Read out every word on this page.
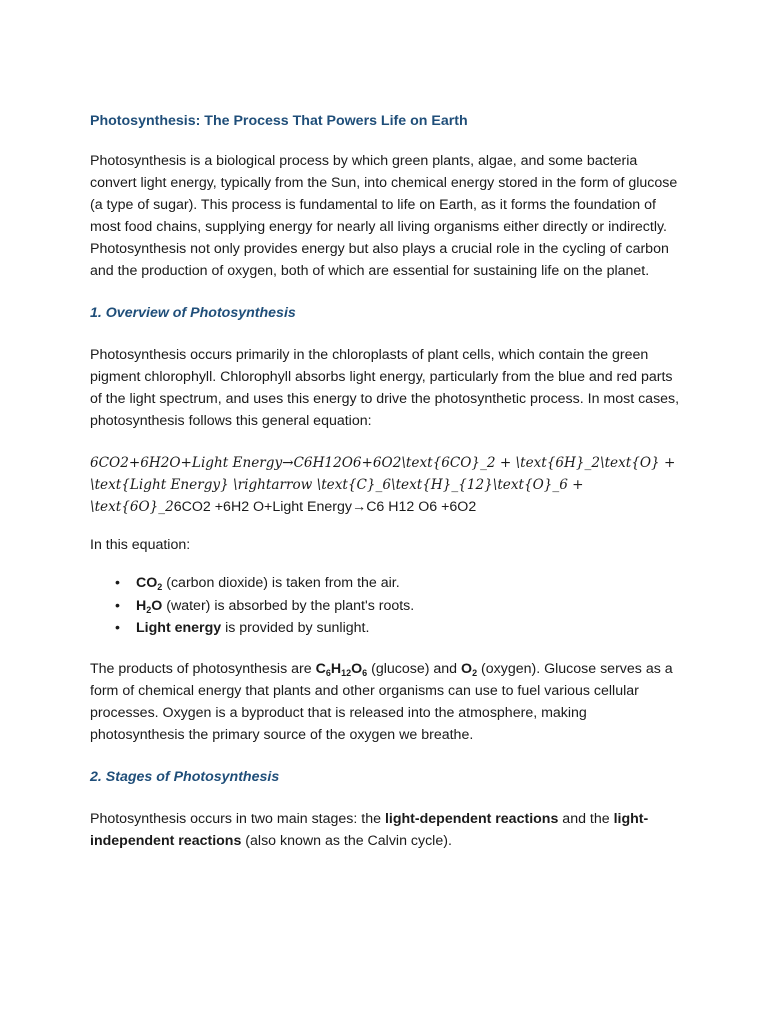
Photosynthesis: The Process That Powers Life on Earth

Photosynthesis is a biological process by which green plants, algae, and some bacteria convert light energy, typically from the Sun, into chemical energy stored in the form of glucose (a type of sugar). This process is fundamental to life on Earth, as it forms the foundation of most food chains, supplying energy for nearly all living organisms either directly or indirectly. Photosynthesis not only provides energy but also plays a crucial role in the cycling of carbon and the production of oxygen, both of which are essential for sustaining life on the planet.

1. Overview of Photosynthesis

Photosynthesis occurs primarily in the chloroplasts of plant cells, which contain the green pigment chlorophyll. Chlorophyll absorbs light energy, particularly from the blue and red parts of the light spectrum, and uses this energy to drive the photosynthetic process. In most cases, photosynthesis follows this general equation:

6CO2+6H2O+Light Energy→C6H12O6+6O2\text{6CO}_2 + \text{6H}_2\text{O} + \text{Light Energy} \rightarrow \text{C}_6\text{H}_{12}\text{O}_6 + \text{6O}_26CO2 +6H2 O+Light Energy→C6 H12 O6 +6O2

In this equation:

• $CO_2$ (carbon dioxide) is taken from the air.
• $H_2O$ (water) is absorbed by the plant's roots.
• Light energy is provided by sunlight.

The products of photosynthesis are $C_6H_{12}O_6$ (glucose) and $O_2$ (oxygen). Glucose serves as a form of chemical energy that plants and other organisms can use to fuel various cellular processes. Oxygen is a byproduct that is released into the atmosphere, making photosynthesis the primary source of the oxygen we breathe.

2. Stages of Photosynthesis

Photosynthesis occurs in two main stages: the light-dependent reactions and the light-independent reactions (also known as the Calvin cycle).
